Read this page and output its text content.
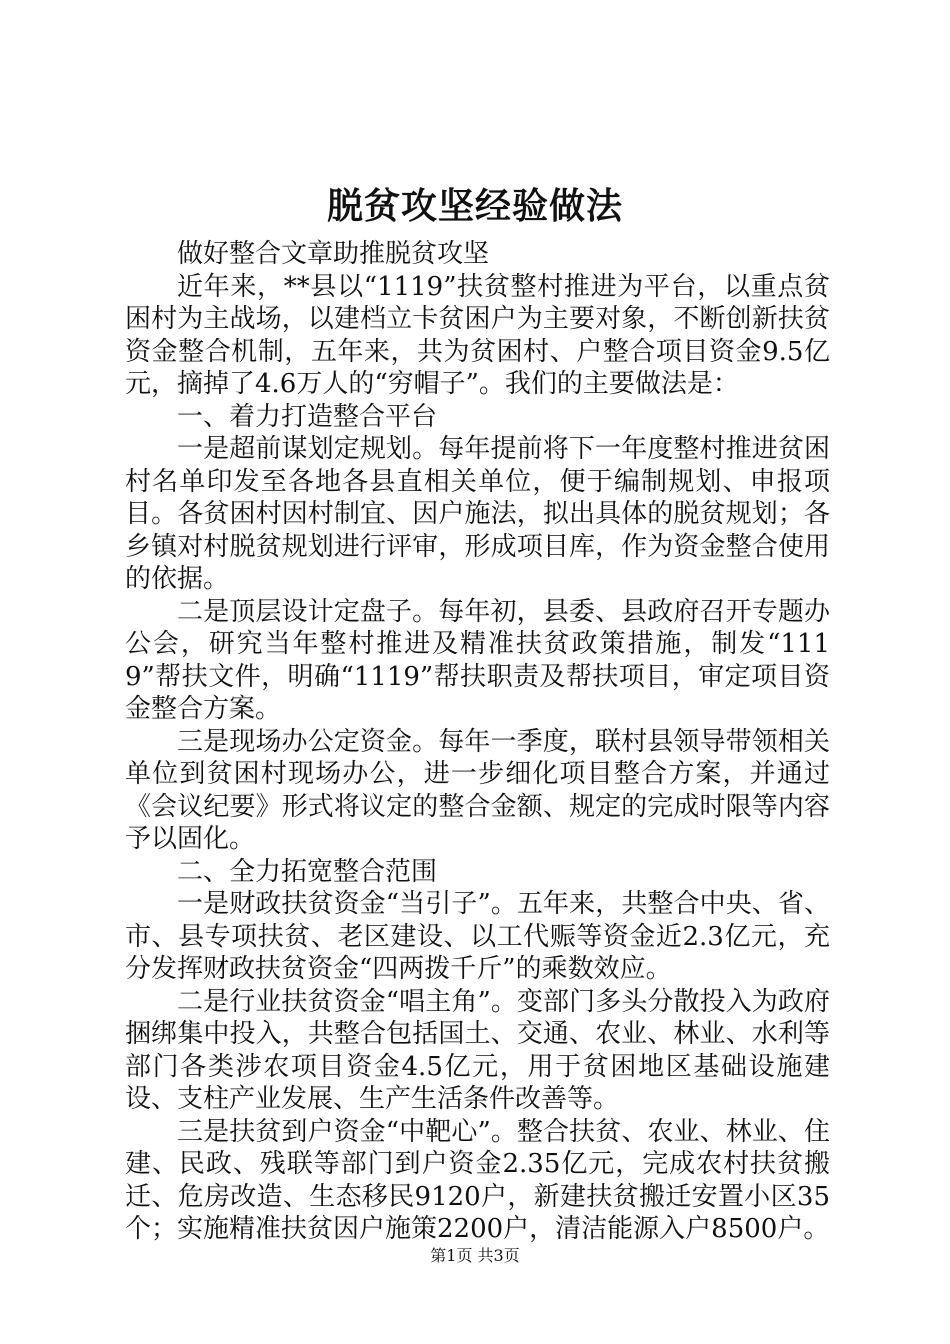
脱贫攻坚经验做法

做好整合文章助推脱贫攻坚

近年来，**县以“1119”扶贫整村推进为平台，以重点贫困村为主战场，以建档立卡贫困户为主要对象，不断创新扶贫资金整合机制，五年来，共为贫困村、户整合项目资金9.5亿元，摘掉了4.6万人的“穷帽子”。我们的主要做法是：

一、着力打造整合平台

一是超前谋划定规划。每年提前将下一年度整村推进贫困村名单印发至各地各县直相关单位，便于编制规划、申报项目。各贫困村因村制宜、因户施法，拟出具体的脱贫规划；各乡镇对村脱贫规划进行评审，形成项目库，作为资金整合使用的依据。

二是顶层设计定盘子。每年初，县委、县政府召开专题办公会，研究当年整村推进及精准扶贫政策措施，制发“1119”帮扶文件，明确“1119”帮扶职责及帮扶项目，审定项目资金整合方案。

三是现场办公定资金。每年一季度，联村县领导带领相关单位到贫困村现场办公，进一步细化项目整合方案，并通过《会议纪要》形式将议定的整合金额、规定的完成时限等内容予以固化。

二、全力拓宽整合范围

一是财政扶贫资金“当引子”。五年来，共整合中央、省、市、县专项扶贫、老区建设、以工代赈等资金近2.3亿元，充分发挥财政扶贫资金“四两拨千斤”的乘数效应。

二是行业扶贫资金“唱主角”。变部门多头分散投入为政府捆绑集中投入，共整合包括国土、交通、农业、林业、水利等部门各类涉农项目资金4.5亿元，用于贫困地区基础设施建设、支柱产业发展、生产生活条件改善等。

三是扶贫到户资金“中靶心”。整合扶贫、农业、林业、住建、民政、残联等部门到户资金2.35亿元，完成农村扶贫搬迁、危房改造、生态移民9120户，新建扶贫搬迁安置小区35个；实施精准扶贫因户施策2200户，清洁能源入户8500户。

第1页 共3页
